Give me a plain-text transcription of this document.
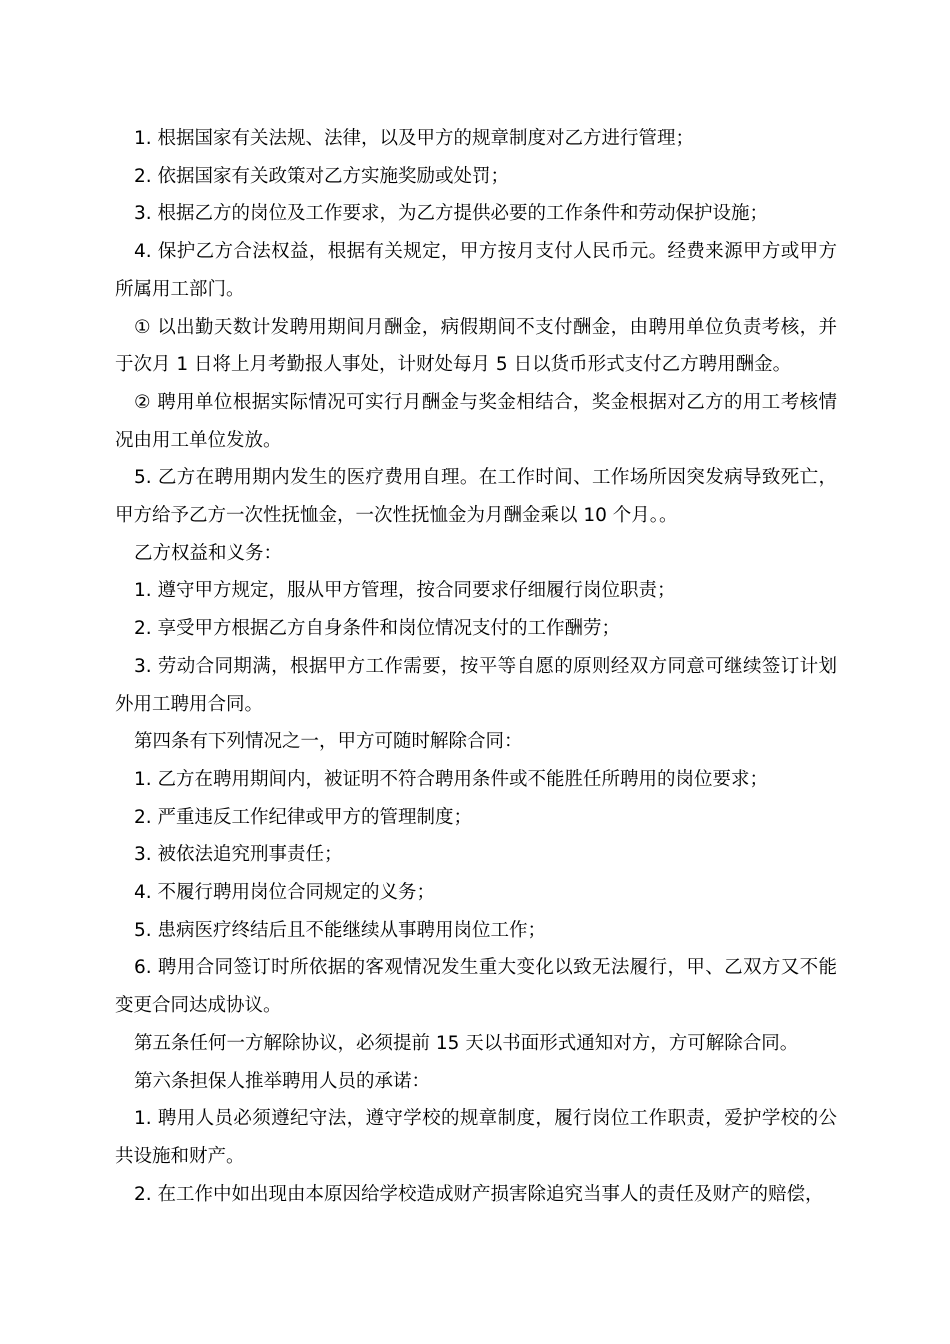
1. 根据国家有关法规、法律，以及甲方的规章制度对乙方进行管理；

2. 依据国家有关政策对乙方实施奖励或处罚；

3. 根据乙方的岗位及工作要求，为乙方提供必要的工作条件和劳动保护设施；

4. 保护乙方合法权益，根据有关规定，甲方按月支付人民币元。经费来源甲方或甲方所属用工部门。

① 以出勤天数计发聘用期间月酬金，病假期间不支付酬金，由聘用单位负责考核，并于次月 1 日将上月考勤报人事处，计财处每月 5 日以货币形式支付乙方聘用酬金。

② 聘用单位根据实际情况可实行月酬金与奖金相结合，奖金根据对乙方的用工考核情况由用工单位发放。

5. 乙方在聘用期内发生的医疗费用自理。在工作时间、工作场所因突发病导致死亡，甲方给予乙方一次性抚恤金，一次性抚恤金为月酬金乘以 10 个月。。

乙方权益和义务：

1. 遵守甲方规定，服从甲方管理，按合同要求仔细履行岗位职责；

2. 享受甲方根据乙方自身条件和岗位情况支付的工作酬劳；

3. 劳动合同期满，根据甲方工作需要，按平等自愿的原则经双方同意可继续签订计划外用工聘用合同。

第四条有下列情况之一，甲方可随时解除合同：

1. 乙方在聘用期间内，被证明不符合聘用条件或不能胜任所聘用的岗位要求；

2. 严重违反工作纪律或甲方的管理制度；

3. 被依法追究刑事责任；

4. 不履行聘用岗位合同规定的义务；

5. 患病医疗终结后且不能继续从事聘用岗位工作；

6. 聘用合同签订时所依据的客观情况发生重大变化以致无法履行，甲、乙双方又不能变更合同达成协议。

第五条任何一方解除协议，必须提前 15 天以书面形式通知对方，方可解除合同。

第六条担保人推举聘用人员的承诺：

1. 聘用人员必须遵纪守法，遵守学校的规章制度，履行岗位工作职责，爱护学校的公共设施和财产。

2. 在工作中如出现由本原因给学校造成财产损害除追究当事人的责任及财产的赔偿，
